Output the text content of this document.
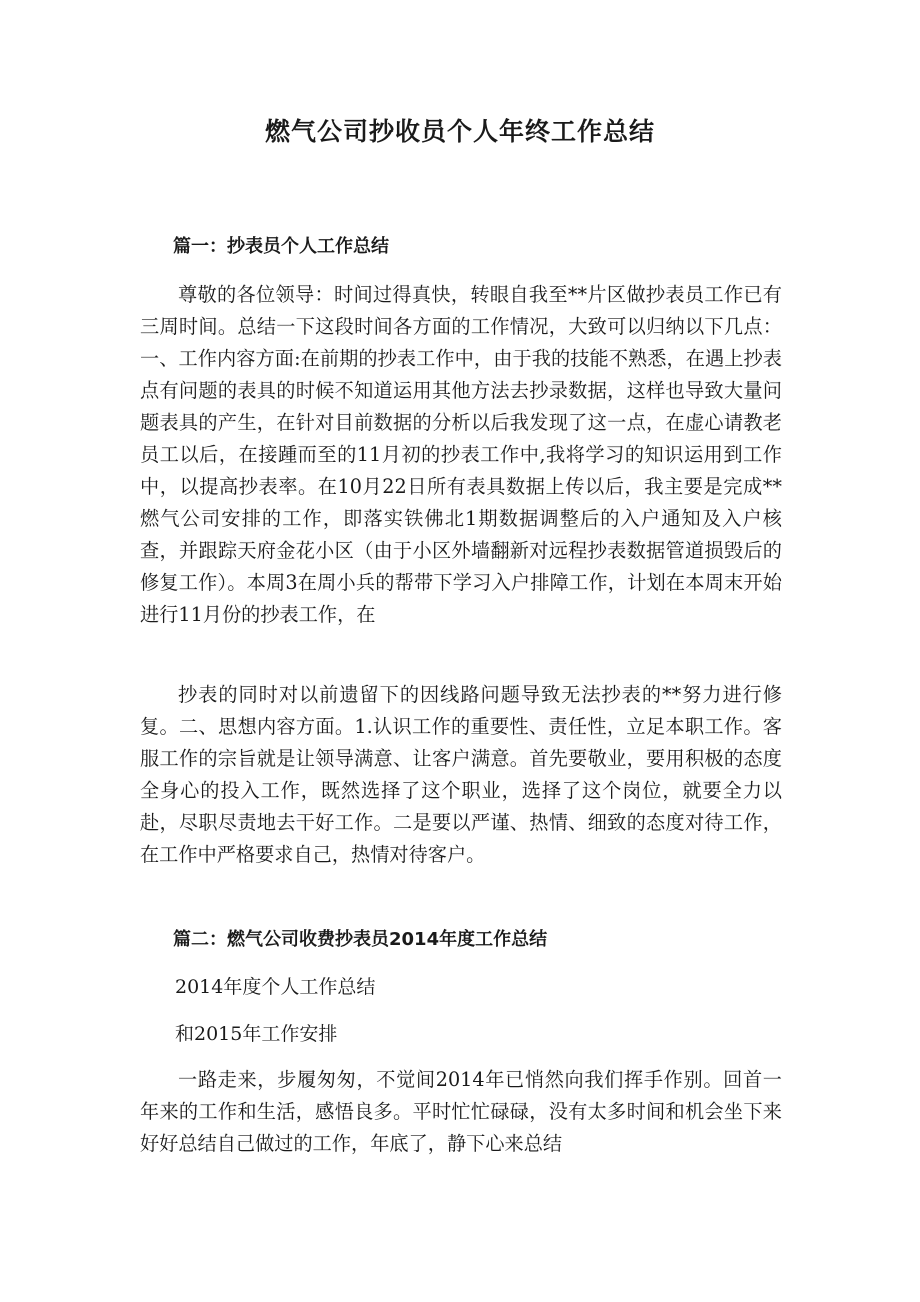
燃气公司抄收员个人年终工作总结
篇一：抄表员个人工作总结

尊敬的各位领导：时间过得真快，转眼自我至**片区做抄表员工作已有三周时间。总结一下这段时间各方面的工作情况，大致可以归纳以下几点：一、工作内容方面:在前期的抄表工作中，由于我的技能不熟悉，在遇上抄表点有问题的表具的时候不知道运用其他方法去抄录数据，这样也导致大量问题表具的产生，在针对目前数据的分析以后我发现了这一点，在虚心请教老员工以后，在接踵而至的11月初的抄表工作中,我将学习的知识运用到工作中，以提高抄表率。在10月22日所有表具数据上传以后，我主要是完成**燃气公司安排的工作，即落实铁佛北1期数据调整后的入户通知及入户核查，并跟踪天府金花小区（由于小区外墙翻新对远程抄表数据管道损毁后的修复工作）。本周3在周小兵的帮带下学习入户排障工作，计划在本周末开始进行11月份的抄表工作，在

抄表的同时对以前遗留下的因线路问题导致无法抄表的**努力进行修复。二、思想内容方面。1.认识工作的重要性、责任性，立足本职工作。客服工作的宗旨就是让领导满意、让客户满意。首先要敬业，要用积极的态度全身心的投入工作，既然选择了这个职业，选择了这个岗位，就要全力以赴，尽职尽责地去干好工作。二是要以严谨、热情、细致的态度对待工作，在工作中严格要求自己，热情对待客户。

篇二：燃气公司收费抄表员2014年度工作总结

2014年度个人工作总结

和2015年工作安排

一路走来，步履匆匆，不觉间2014年已悄然向我们挥手作别。回首一年来的工作和生活，感悟良多。平时忙忙碌碌，没有太多时间和机会坐下来好好总结自己做过的工作，年底了，静下心来总结
